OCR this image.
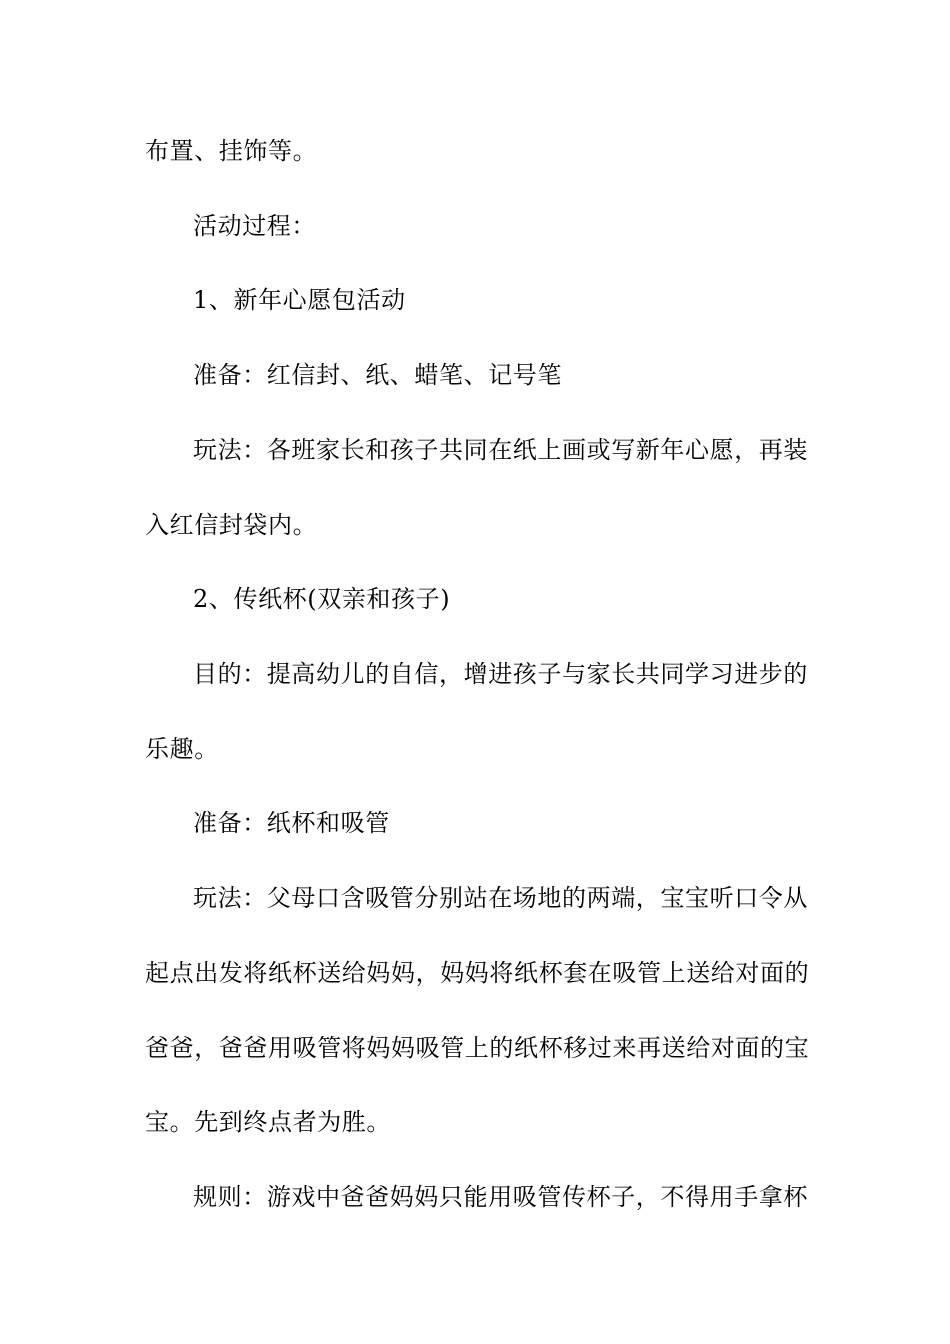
布置、挂饰等。
活动过程：
1、新年心愿包活动
准备：红信封、纸、蜡笔、记号笔
玩法：各班家长和孩子共同在纸上画或写新年心愿，再装
入红信封袋内。
2、传纸杯(双亲和孩子)
目的：提高幼儿的自信，增进孩子与家长共同学习进步的
乐趣。
准备：纸杯和吸管
玩法：父母口含吸管分别站在场地的两端，宝宝听口令从
起点出发将纸杯送给妈妈，妈妈将纸杯套在吸管上送给对面的
爸爸，爸爸用吸管将妈妈吸管上的纸杯移过来再送给对面的宝
宝。先到终点者为胜。
规则：游戏中爸爸妈妈只能用吸管传杯子，不得用手拿杯
